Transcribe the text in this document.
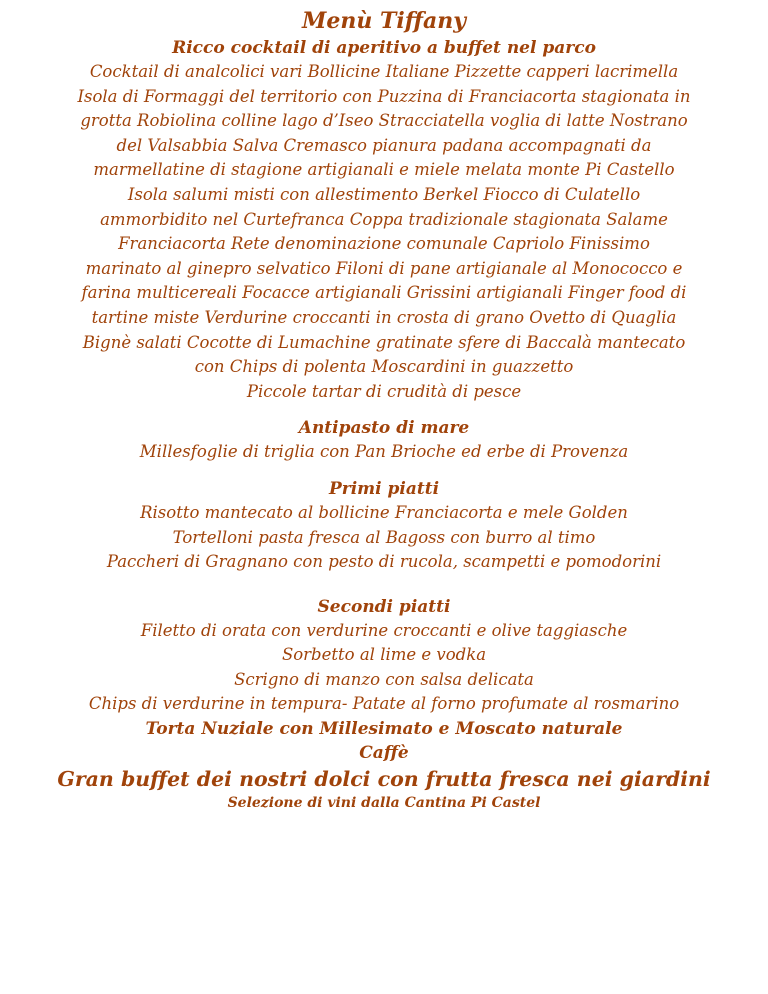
Menù Tiffany
Ricco cocktail di aperitivo a buffet nel parco
Cocktail di analcolici vari Bollicine Italiane Pizzette capperi lacrimella
Isola di Formaggi del territorio con Puzzina di Franciacorta stagionata in
grotta Robiolina colline lago d’Iseo Stracciatella voglia di latte Nostrano
del Valsabbia Salva Cremasco pianura padana accompagnati da
marmellatine di stagione artigianali e miele melata monte Pi Castello
Isola salumi misti con allestimento Berkel Fiocco di Culatello
ammorbidito nel Curtefranca Coppa tradizionale stagionata Salame
Franciacorta Rete denominazione comunale Capriolo Finissimo
marinato al ginepro selvatico Filoni di pane artigianale al Monococco e
farina multicereali Focacce artigianali Grissini artigianali Finger food di
tartine miste Verdurine croccanti in crosta di grano Ovetto di Quaglia
Bignè salati Cocotte di Lumachine gratinate sfere di Baccalà mantecato
con Chips di polenta Moscardini in guazzetto
Piccole tartar di crudità di pesce
Antipasto di mare
Millesfoglie di triglia con Pan Brioche ed erbe di Provenza
Primi piatti
Risotto mantecato al bollicine Franciacorta e mele Golden
Tortelloni pasta fresca al Bagoss con burro al timo
Paccheri di Gragnano con pesto di rucola, scampetti e pomodorini
Secondi piatti
Filetto di orata con verdurine croccanti e olive taggiasche
Sorbetto al lime e vodka
Scrigno di manzo con salsa delicata
Chips di verdurine in tempura- Patate al forno profumate al rosmarino
Torta Nuziale con Millesimato e Moscato naturale
Caffè
Gran buffet dei nostri dolci con frutta fresca nei giardini
Selezione di vini dalla Cantina Pi Castel
